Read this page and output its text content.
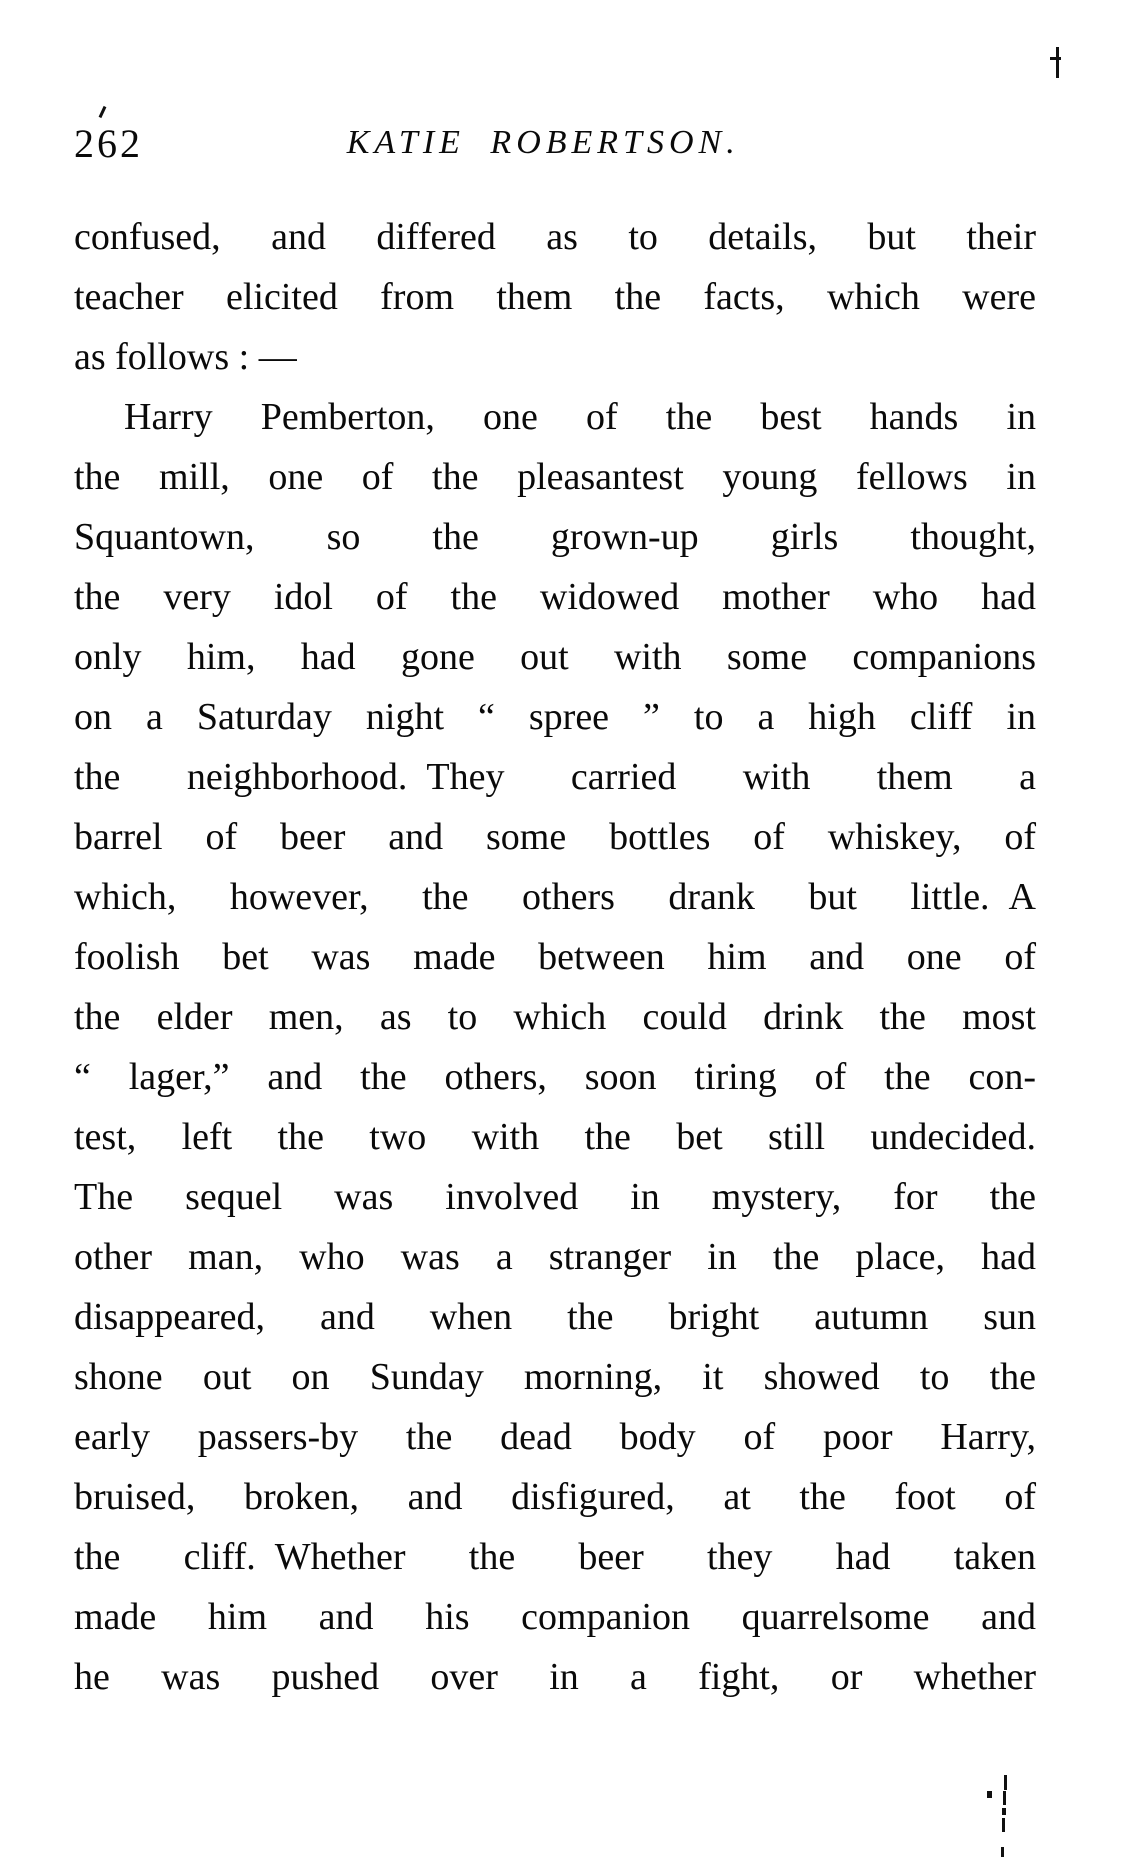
262	KATIE ROBERTSON.
confused, and differed as to details, but their
teacher elicited from them the facts, which were
as follows : —
Harry Pemberton, one of the best hands in
the mill, one of the pleasantest young fellows in
Squantown, so the grown-up girls thought,
the very idol of the widowed mother who had
only him, had gone out with some companions
on a Saturday night “ spree ” to a high cliff in
the neighborhood. They carried with them a
barrel of beer and some bottles of whiskey, of
which, however, the others drank but little. A
foolish bet was made between him and one of
the elder men, as to which could drink the most
“ lager,” and the others, soon tiring of the con-
test, left the two with the bet still undecided.
The sequel was involved in mystery, for the
other man, who was a stranger in the place, had
disappeared, and when the bright autumn sun
shone out on Sunday morning, it showed to the
early passers-by the dead body of poor Harry,
bruised, broken, and disfigured, at the foot of
the cliff. Whether the beer they had taken
made him and his companion quarrelsome and
he was pushed over in a fight, or whether
